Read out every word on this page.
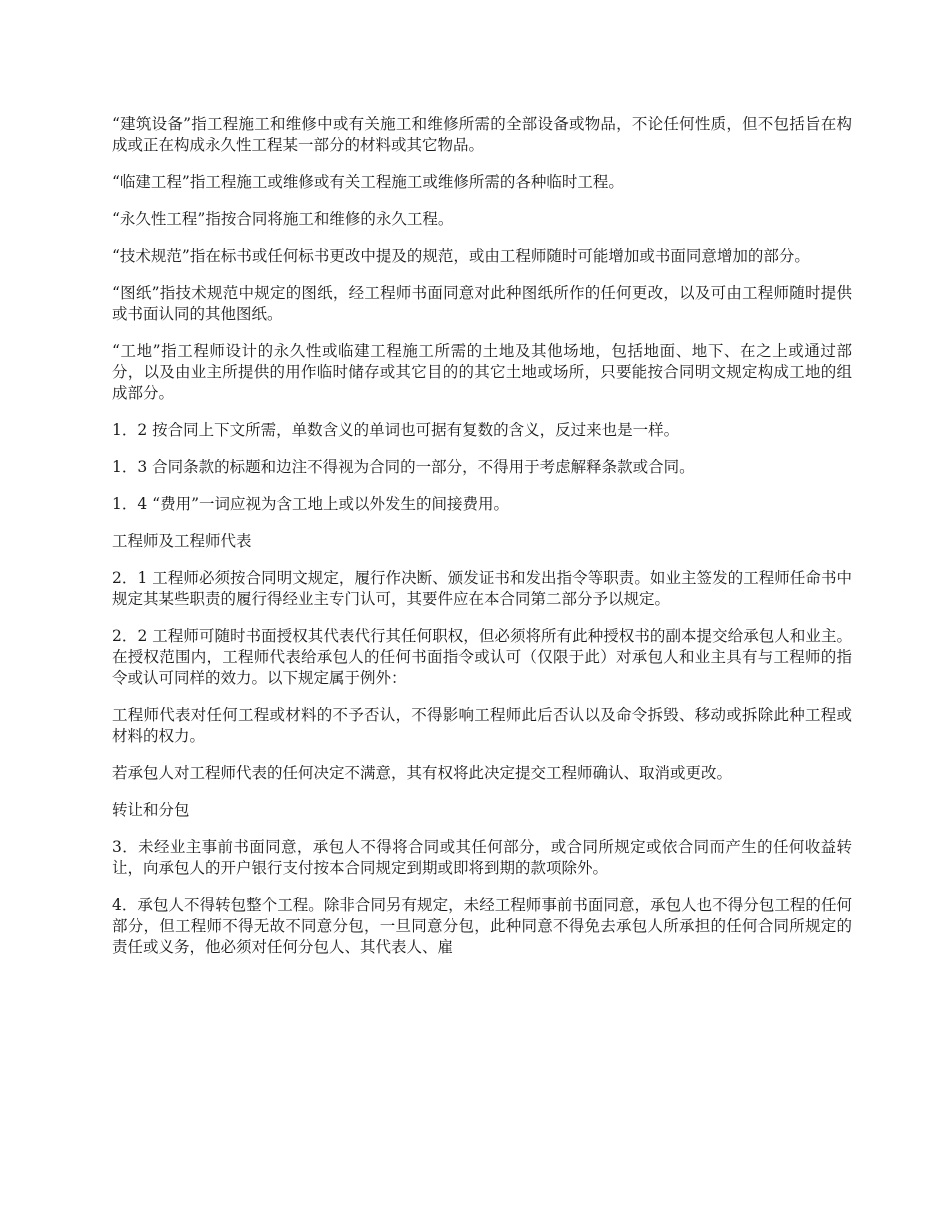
“建筑设备”指工程施工和维修中或有关施工和维修所需的全部设备或物品，不论任何性质，但不包括旨在构成或正在构成永久性工程某一部分的材料或其它物品。

“临建工程”指工程施工或维修或有关工程施工或维修所需的各种临时工程。

“永久性工程”指按合同将施工和维修的永久工程。

“技术规范”指在标书或任何标书更改中提及的规范，或由工程师随时可能增加或书面同意增加的部分。

“图纸”指技术规范中规定的图纸，经工程师书面同意对此种图纸所作的任何更改，以及可由工程师随时提供或书面认同的其他图纸。

“工地”指工程师设计的永久性或临建工程施工所需的土地及其他场地，包括地面、地下、在之上或通过部分，以及由业主所提供的用作临时储存或其它目的的其它土地或场所，只要能按合同明文规定构成工地的组成部分。

1．2 按合同上下文所需，单数含义的单词也可据有复数的含义，反过来也是一样。

1．3 合同条款的标题和边注不得视为合同的一部分，不得用于考虑解释条款或合同。

1．4 “费用”一词应视为含工地上或以外发生的间接费用。

工程师及工程师代表

2．1 工程师必须按合同明文规定，履行作决断、颁发证书和发出指令等职责。如业主签发的工程师任命书中规定其某些职责的履行得经业主专门认可，其要件应在本合同第二部分予以规定。

2．2 工程师可随时书面授权其代表代行其任何职权，但必须将所有此种授权书的副本提交给承包人和业主。在授权范围内，工程师代表给承包人的任何书面指令或认可（仅限于此）对承包人和业主具有与工程师的指令或认可同样的效力。以下规定属于例外：

工程师代表对任何工程或材料的不予否认，不得影响工程师此后否认以及命令拆毁、移动或拆除此种工程或材料的权力。

若承包人对工程师代表的任何决定不满意，其有权将此决定提交工程师确认、取消或更改。

转让和分包

3．未经业主事前书面同意，承包人不得将合同或其任何部分，或合同所规定或依合同而产生的任何收益转让，向承包人的开户银行支付按本合同规定到期或即将到期的款项除外。

4．承包人不得转包整个工程。除非合同另有规定，未经工程师事前书面同意，承包人也不得分包工程的任何部分，但工程师不得无故不同意分包，一旦同意分包，此种同意不得免去承包人所承担的任何合同所规定的责任或义务，他必须对任何分包人、其代表人、雇
